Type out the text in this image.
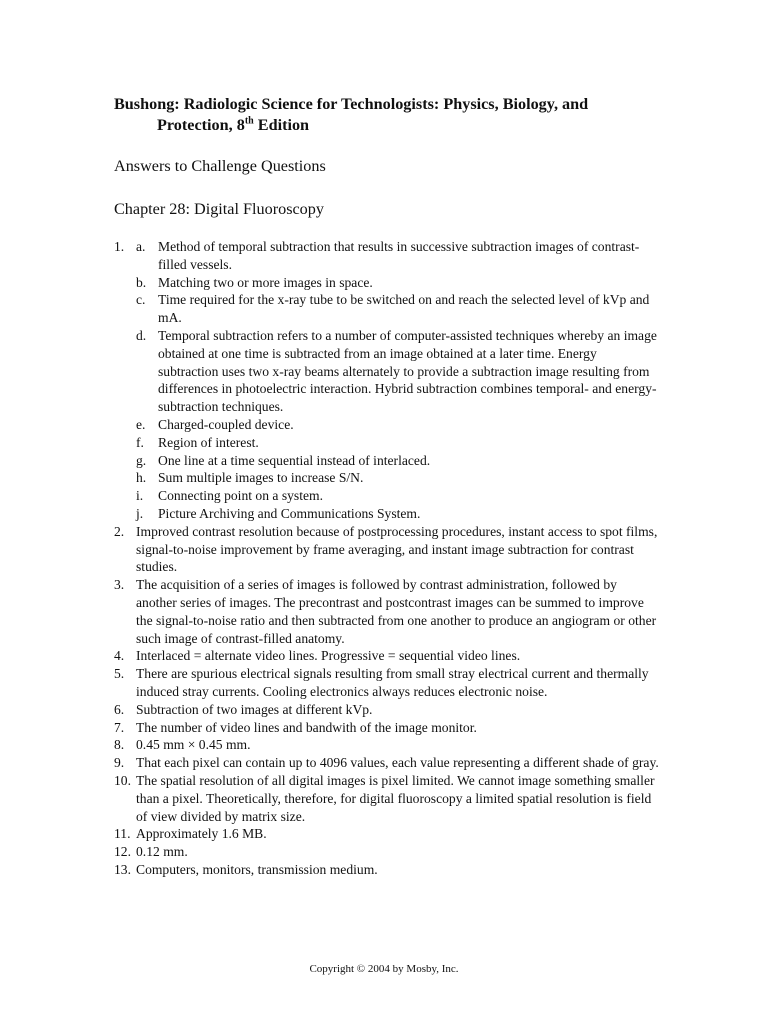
Bushong: Radiologic Science for Technologists: Physics, Biology, and
Protection, 8th Edition
Answers to Challenge Questions
Chapter 28: Digital Fluoroscopy
1. a. Method of temporal subtraction that results in successive subtraction images of contrast-filled vessels.
b. Matching two or more images in space.
c. Time required for the x-ray tube to be switched on and reach the selected level of kVp and mA.
d. Temporal subtraction refers to a number of computer-assisted techniques whereby an image obtained at one time is subtracted from an image obtained at a later time. Energy subtraction uses two x-ray beams alternately to provide a subtraction image resulting from differences in photoelectric interaction. Hybrid subtraction combines temporal- and energy-subtraction techniques.
e. Charged-coupled device.
f. Region of interest.
g. One line at a time sequential instead of interlaced.
h. Sum multiple images to increase S/N.
i. Connecting point on a system.
j. Picture Archiving and Communications System.
2. Improved contrast resolution because of postprocessing procedures, instant access to spot films, signal-to-noise improvement by frame averaging, and instant image subtraction for contrast studies.
3. The acquisition of a series of images is followed by contrast administration, followed by another series of images. The precontrast and postcontrast images can be summed to improve the signal-to-noise ratio and then subtracted from one another to produce an angiogram or other such image of contrast-filled anatomy.
4. Interlaced = alternate video lines. Progressive = sequential video lines.
5. There are spurious electrical signals resulting from small stray electrical current and thermally induced stray currents. Cooling electronics always reduces electronic noise.
6. Subtraction of two images at different kVp.
7. The number of video lines and bandwith of the image monitor.
8. 0.45 mm × 0.45 mm.
9. That each pixel can contain up to 4096 values, each value representing a different shade of gray.
10. The spatial resolution of all digital images is pixel limited. We cannot image something smaller than a pixel. Theoretically, therefore, for digital fluoroscopy a limited spatial resolution is field of view divided by matrix size.
11. Approximately 1.6 MB.
12. 0.12 mm.
13. Computers, monitors, transmission medium.
Copyright © 2004 by Mosby, Inc.
